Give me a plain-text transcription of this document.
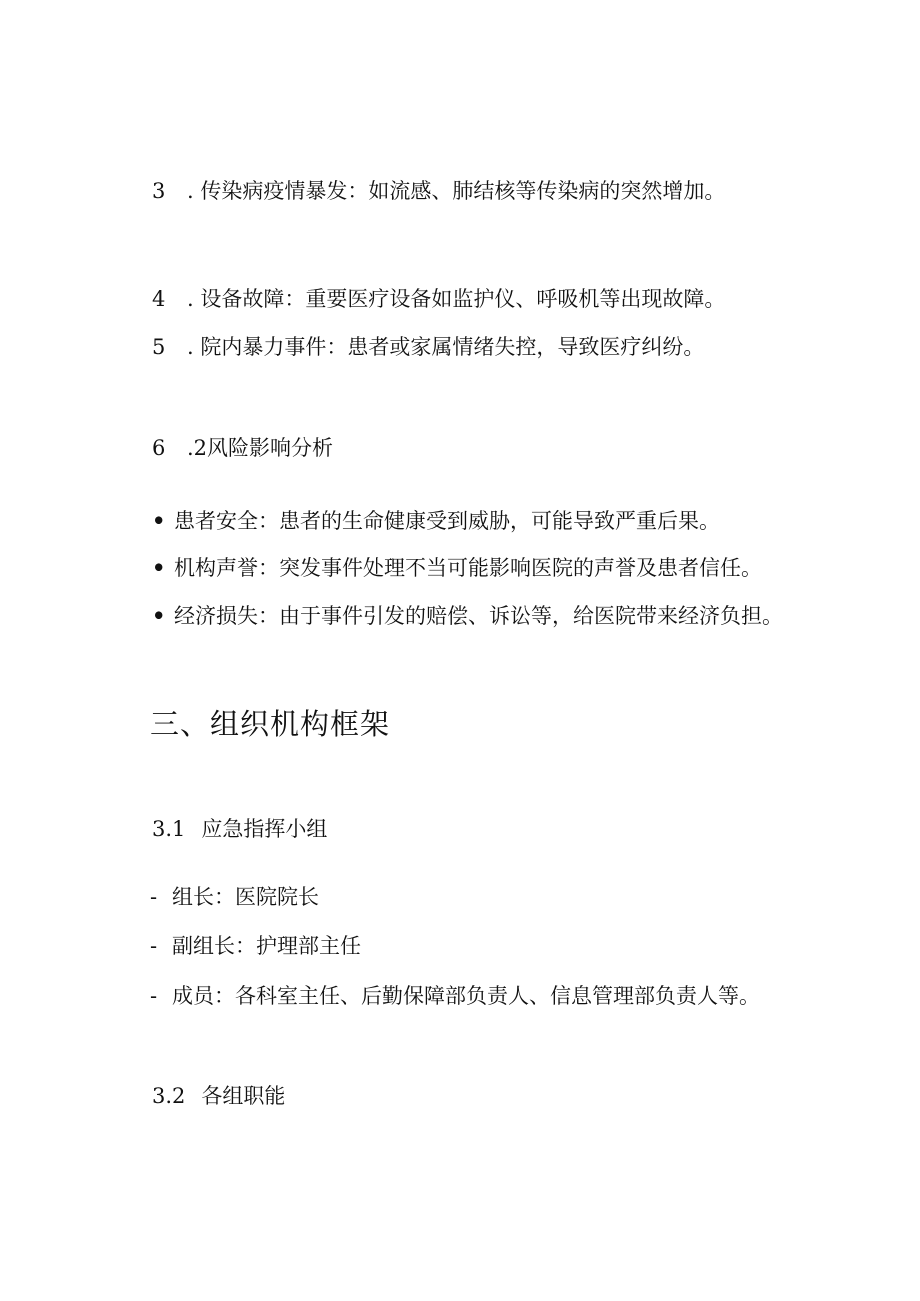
3 . 传染病疫情暴发：如流感、肺结核等传染病的突然增加。
4 . 设备故障：重要医疗设备如监护仪、呼吸机等出现故障。
5 . 院内暴力事件：患者或家属情绪失控，导致医疗纠纷。
6 .2风险影响分析
• 患者安全：患者的生命健康受到威胁，可能导致严重后果。
• 机构声誉：突发事件处理不当可能影响医院的声誉及患者信任。
• 经济损失：由于事件引发的赔偿、诉讼等，给医院带来经济负担。
三、组织机构框架
3.1 应急指挥小组
- 组长：医院院长
- 副组长：护理部主任
- 成员：各科室主任、后勤保障部负责人、信息管理部负责人等。
3.2 各组职能
